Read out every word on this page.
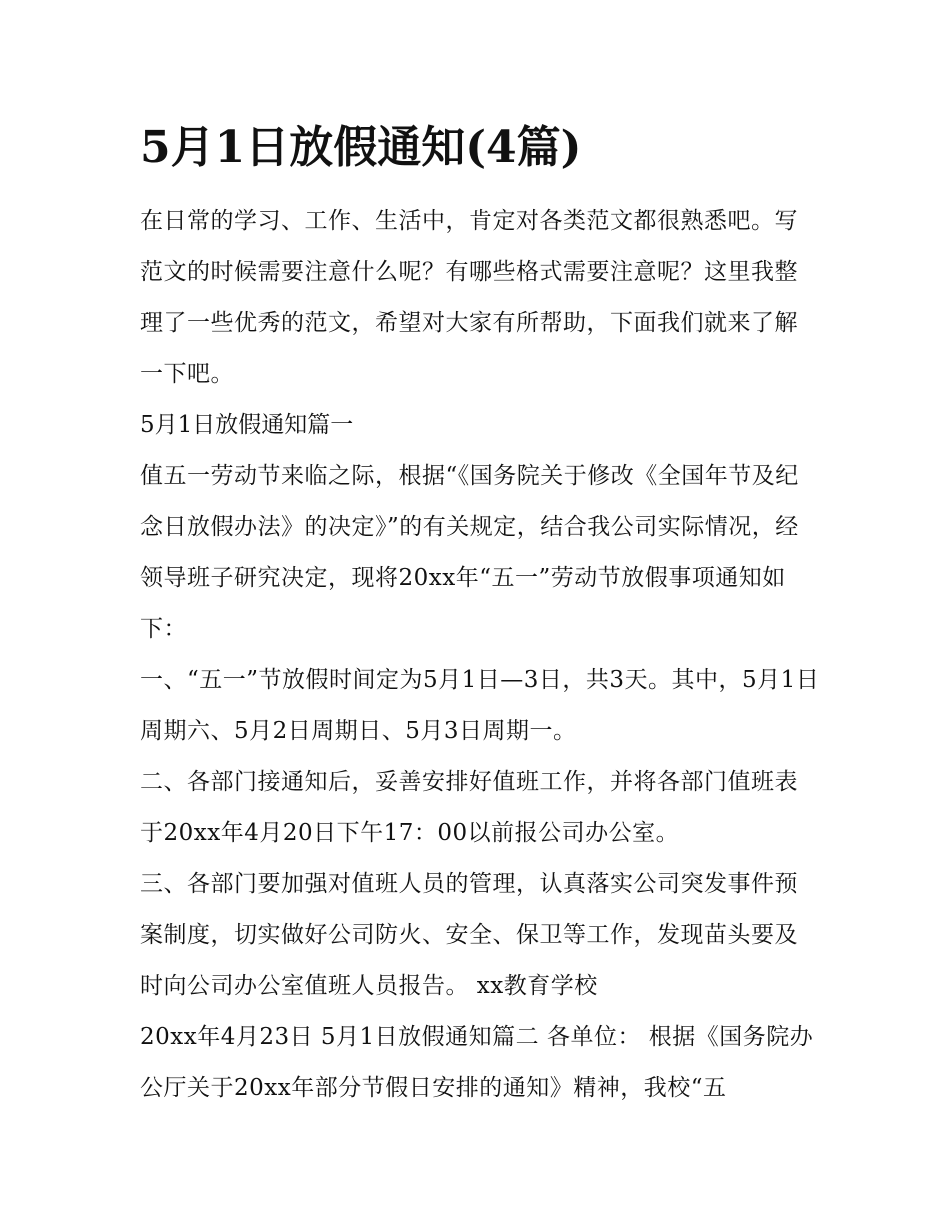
5月1日放假通知(4篇)

在日常的学习、工作、生活中，肯定对各类范文都很熟悉吧。写范文的时候需要注意什么呢？有哪些格式需要注意呢？这里我整理了一些优秀的范文，希望对大家有所帮助，下面我们就来了解一下吧。

5月1日放假通知篇一

值五一劳动节来临之际，根据“《国务院关于修改《全国年节及纪念日放假办法》的决定》”的有关规定，结合我公司实际情况，经领导班子研究决定，现将20xx年“五一”劳动节放假事项通知如下：

一、“五一”节放假时间定为5月1日—3日，共3天。其中，5月1日周期六、5月2日周期日、5月3日周期一。

二、各部门接通知后，妥善安排好值班工作，并将各部门值班表于20xx年4月20日下午17：00以前报公司办公室。

三、各部门要加强对值班人员的管理，认真落实公司突发事件预案制度，切实做好公司防火、安全、保卫等工作，发现苗头要及时向公司办公室值班人员报告。 xx教育学校

20xx年4月23日 5月1日放假通知篇二 各单位： 根据《国务院办公厅关于20xx年部分节假日安排的通知》精神，我校“五
